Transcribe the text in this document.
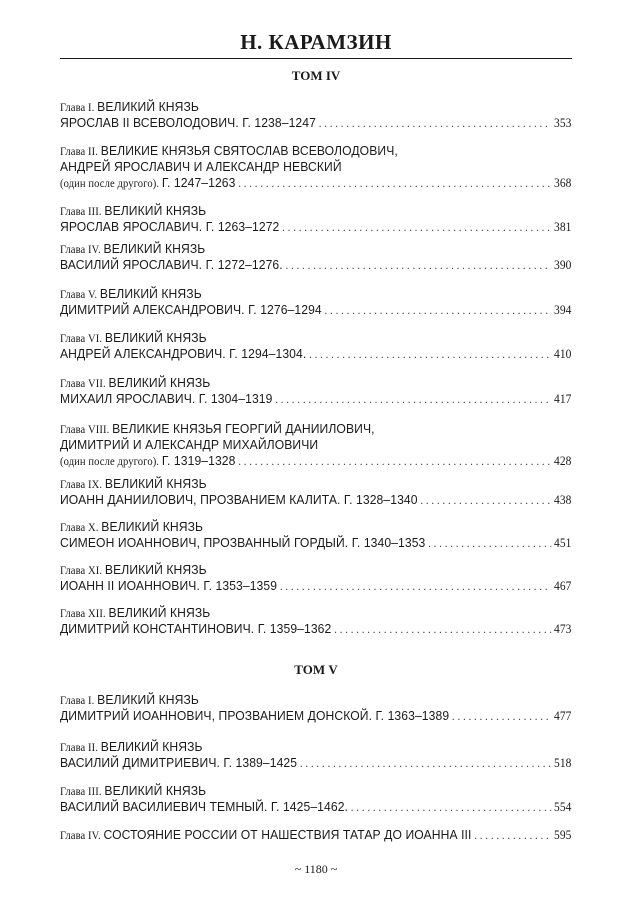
Н. КАРАМЗИН
ТОМ IV
Глава I. ВЕЛИКИЙ КНЯЗЬ
ЯРОСЛАВ II ВСЕВОЛОДОВИЧ. Г. 1238–1247 . . .	353
Глава II. ВЕЛИКИЕ КНЯЗЬЯ СВЯТОСЛАВ ВСЕВОЛОДОВИЧ,
АНДРЕЙ ЯРОСЛАВИЧ И АЛЕКСАНДР НЕВСКИЙ
(один после другого). Г. 1247–1263 . . .	368
Глава III. ВЕЛИКИЙ КНЯЗЬ
ЯРОСЛАВ ЯРОСЛАВИЧ. Г. 1263–1272 . . .	381
Глава IV. ВЕЛИКИЙ КНЯЗЬ
ВАСИЛИЙ ЯРОСЛАВИЧ. Г. 1272–1276. . . .	390
Глава V. ВЕЛИКИЙ КНЯЗЬ
ДИМИТРИЙ АЛЕКСАНДРОВИЧ. Г. 1276–1294 . . .	394
Глава VI. ВЕЛИКИЙ КНЯЗЬ
АНДРЕЙ АЛЕКСАНДРОВИЧ. Г. 1294–1304. . . .	410
Глава VII. ВЕЛИКИЙ КНЯЗЬ
МИХАИЛ ЯРОСЛАВИЧ. Г. 1304–1319 . . .	417
Глава VIII. ВЕЛИКИЕ КНЯЗЬЯ ГЕОРГИЙ ДАНИИЛОВИЧ,
ДИМИТРИЙ И АЛЕКСАНДР МИХАЙЛОВИЧИ
(один после другого). Г. 1319–1328 . . .	428
Глава IX. ВЕЛИКИЙ КНЯЗЬ
ИОАНН ДАНИИЛОВИЧ, ПРОЗВАНИЕМ КАЛИТА. Г. 1328–1340 . . .	438
Глава X. ВЕЛИКИЙ КНЯЗЬ
СИМЕОН ИОАННОВИЧ, ПРОЗВАННЫЙ ГОРДЫЙ. Г. 1340–1353 . . .	451
Глава XI. ВЕЛИКИЙ КНЯЗЬ
ИОАНН II ИОАННОВИЧ. Г. 1353–1359 . . .	467
Глава XII. ВЕЛИКИЙ КНЯЗЬ
ДИМИТРИЙ КОНСТАНТИНОВИЧ. Г. 1359–1362 . . .	473
ТОМ V
Глава I. ВЕЛИКИЙ КНЯЗЬ
ДИМИТРИЙ ИОАННОВИЧ, ПРОЗВАНИЕМ ДОНСКОЙ. Г. 1363–1389 . . .	477
Глава II. ВЕЛИКИЙ КНЯЗЬ
ВАСИЛИЙ ДИМИТРИЕВИЧ. Г. 1389–1425 . . .	518
Глава III. ВЕЛИКИЙ КНЯЗЬ
ВАСИЛИЙ ВАСИЛИЕВИЧ ТЕМНЫЙ. Г. 1425–1462. . . .	554
Глава IV. СОСТОЯНИЕ РОССИИ ОТ НАШЕСТВИЯ ТАТАР ДО ИОАННА III . . .	595
~ 1180 ~
